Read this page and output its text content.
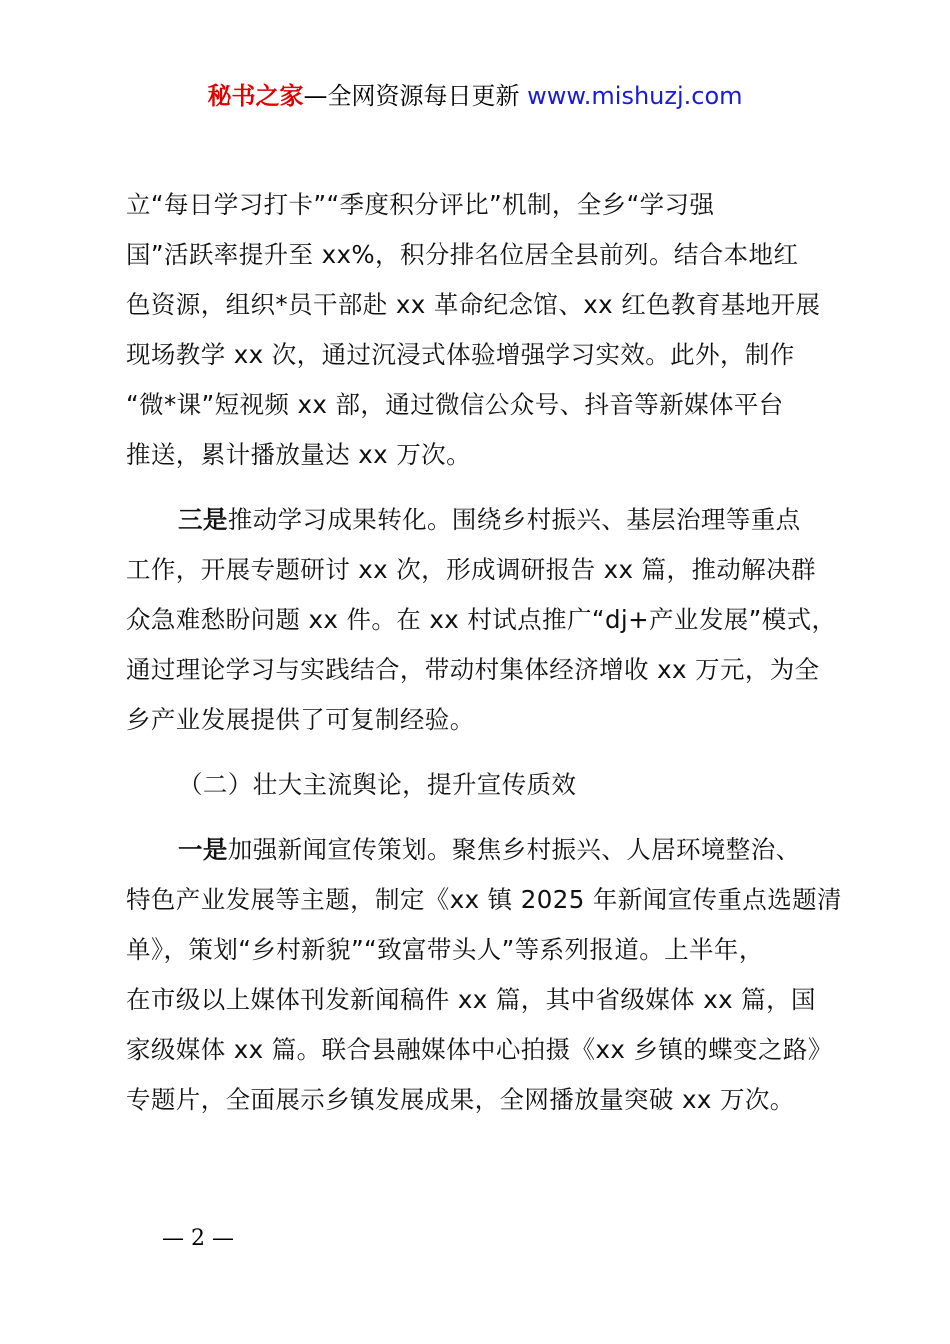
秘书之家—全网资源每日更新 www.mishuzj.com
立“每日学习打卡”“季度积分评比”机制，全乡“学习强
国”活跃率提升至 xx%，积分排名位居全县前列。结合本地红
色资源，组织*员干部赴 xx 革命纪念馆、xx 红色教育基地开展
现场教学 xx 次，通过沉浸式体验增强学习实效。此外，制作
“微*课”短视频 xx 部，通过微信公众号、抖音等新媒体平台
推送，累计播放量达 xx 万次。
三是推动学习成果转化。围绕乡村振兴、基层治理等重点
工作，开展专题研讨 xx 次，形成调研报告 xx 篇，推动解决群
众急难愁盼问题 xx 件。在 xx 村试点推广“dj+产业发展”模式，
通过理论学习与实践结合，带动村集体经济增收 xx 万元，为全
乡产业发展提供了可复制经验。
（二）壮大主流舆论，提升宣传质效
一是加强新闻宣传策划。聚焦乡村振兴、人居环境整治、
特色产业发展等主题，制定《xx 镇 2025 年新闻宣传重点选题清
单》，策划“乡村新貌”“致富带头人”等系列报道。上半年，
在市级以上媒体刊发新闻稿件 xx 篇，其中省级媒体 xx 篇，国
家级媒体 xx 篇。联合县融媒体中心拍摄《xx 乡镇的蝶变之路》
专题片，全面展示乡镇发展成果，全网播放量突破 xx 万次。
— 2 —
